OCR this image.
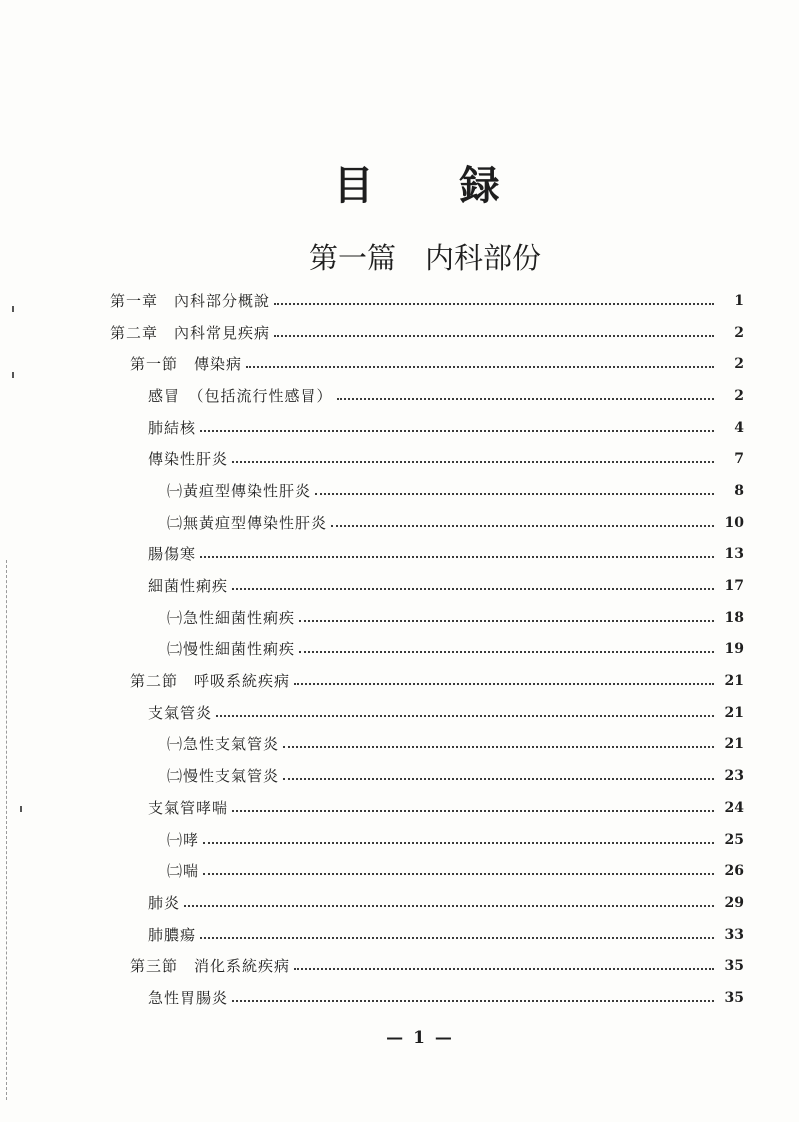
目　　録
第一篇　内科部份
第一章　內科部分概說	1
第二章　內科常見疾病	2
第一節　傳染病	2
感冒　（包括流行性感冒）	2
肺結核	4
傳染性肝炎	7
㈠黃疸型傳染性肝炎	8
㈡無黃疸型傳染性肝炎	10
腸傷寒	13
細菌性痢疾	17
㈠急性細菌性痢疾	18
㈡慢性細菌性痢疾	19
第二節　呼吸系統疾病	21
支氣管炎	21
㈠急性支氣管炎	21
㈡慢性支氣管炎	23
支氣管哮喘	24
㈠哮	25
㈡喘	26
肺炎	29
肺膿瘍	33
第三節　消化系統疾病	35
急性胃腸炎	35
— 1 —
